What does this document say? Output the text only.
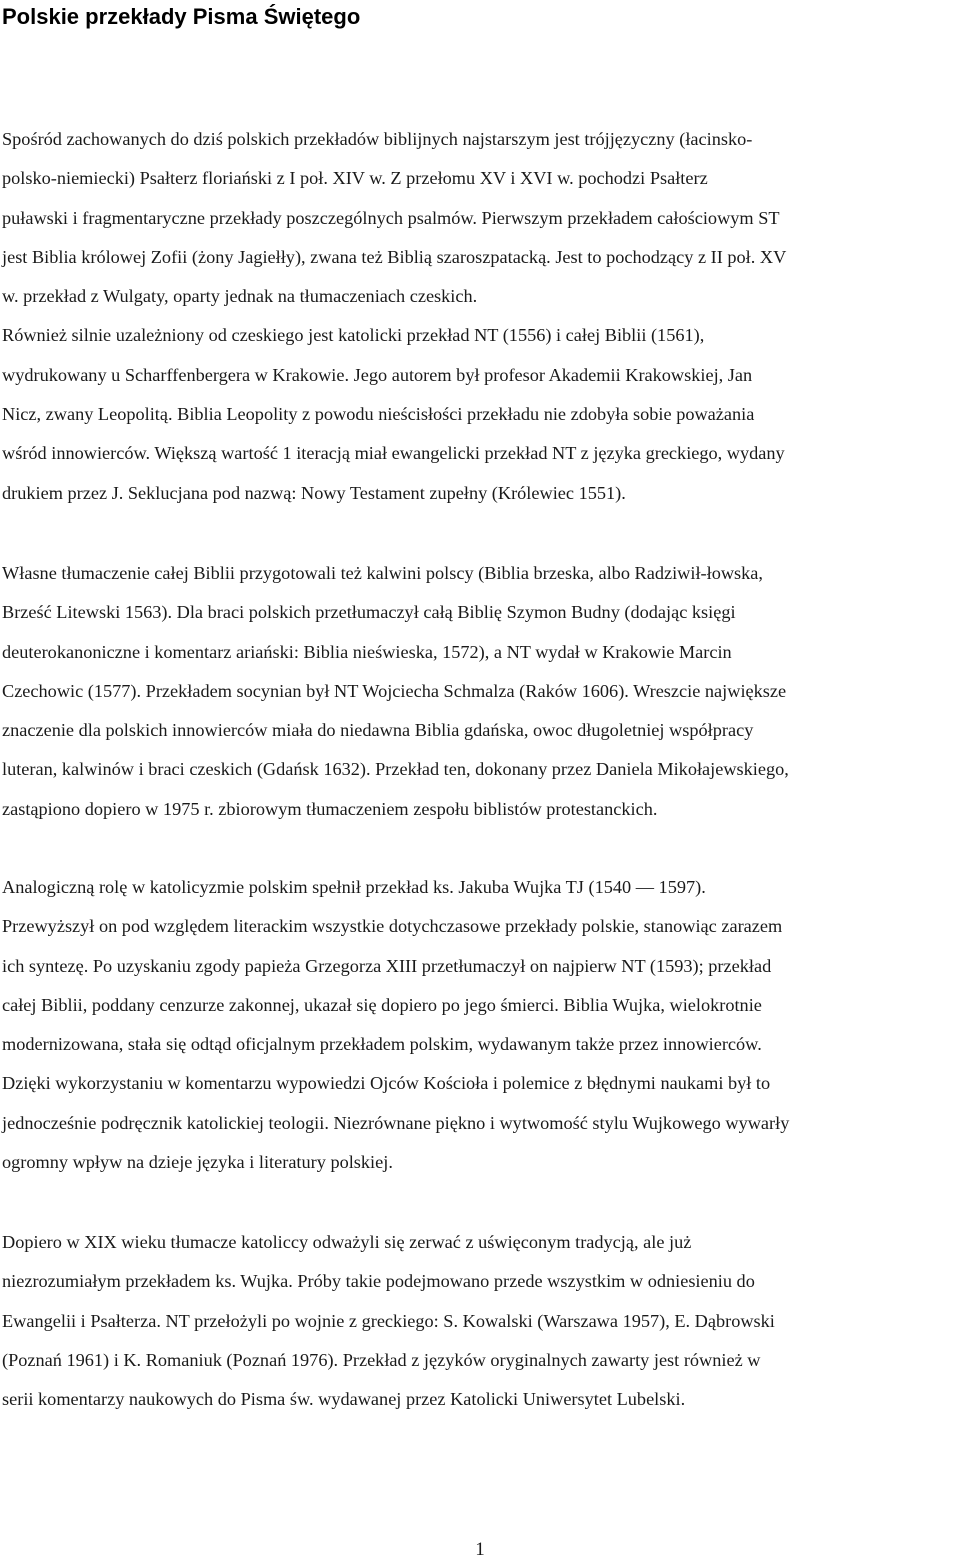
Polskie przekłady Pisma Świętego
Spośród zachowanych do dziś polskich przekładów biblijnych najstarszym jest trójjęzyczny (łacinsko-
polsko-niemiecki) Psałterz floriański z I poł. XIV w. Z przełomu XV i XVI w. pochodzi Psałterz
puławski i fragmentaryczne przekłady poszczególnych psalmów. Pierwszym przekładem całościowym ST
jest Biblia królowej Zofii (żony Jagiełły), zwana też Biblią szaroszpatacką. Jest to pochodzący z II poł. XV
w. przekład z Wulgaty, oparty jednak na tłumaczeniach czeskich.
Również silnie uzależniony od czeskiego jest katolicki przekład NT (1556) i całej Biblii (1561),
wydrukowany u Scharffenbergera w Krakowie. Jego autorem był profesor Akademii Krakowskiej, Jan
Nicz, zwany Leopolitą. Biblia Leopolity z powodu nieścisłości przekładu nie zdobyła sobie poważania
wśród innowierców. Większą wartość 1 iteracją miał ewangelicki przekład NT z języka greckiego, wydany
drukiem przez J. Seklucjana pod nazwą: Nowy Testament zupełny (Królewiec 1551).
Własne tłumaczenie całej Biblii przygotowali też kalwini polscy (Biblia brzeska, albo Radziwił-łowska,
Brześć Litewski 1563). Dla braci polskich przetłumaczył całą Biblię Szymon Budny (dodając księgi
deuterokanoniczne i komentarz ariański: Biblia nieświeska, 1572), a NT wydał w Krakowie Marcin
Czechowic (1577). Przekładem socynian był NT Wojciecha Schmalza (Raków 1606). Wreszcie największe
znaczenie dla polskich innowierców miała do niedawna Biblia gdańska, owoc długoletniej współpracy
luteran, kalwinów i braci czeskich (Gdańsk 1632). Przekład ten, dokonany przez Daniela Mikołajewskiego,
zastąpiono dopiero w 1975 r. zbiorowym tłumaczeniem zespołu biblistów protestanckich.
Analogiczną rolę w katolicyzmie polskim spełnił przekład ks. Jakuba Wujka TJ (1540 — 1597).
Przewyższył on pod względem literackim wszystkie dotychczasowe przekłady polskie, stanowiąc zarazem
ich syntezę. Po uzyskaniu zgody papieża Grzegorza XIII przetłumaczył on najpierw NT (1593); przekład
całej Biblii, poddany cenzurze zakonnej, ukazał się dopiero po jego śmierci. Biblia Wujka, wielokrotnie
modernizowana, stała się odtąd oficjalnym przekładem polskim, wydawanym także przez innowierców.
Dzięki wykorzystaniu w komentarzu wypowiedzi Ojców Kościoła i polemice z błędnymi naukami był to
jednocześnie podręcznik katolickiej teologii. Niezrównane piękno i wytwomość stylu Wujkowego wywarły
ogromny wpływ na dzieje języka i literatury polskiej.
Dopiero w XIX wieku tłumacze katoliccy odważyli się zerwać z uświęconym tradycją, ale już
niezrozumiałym przekładem ks. Wujka. Próby takie podejmowano przede wszystkim w odniesieniu do
Ewangelii i Psałterza. NT przełożyli po wojnie z greckiego: S. Kowalski (Warszawa 1957), E. Dąbrowski
(Poznań 1961) i K. Romaniuk (Poznań 1976). Przekład z języków oryginalnych zawarty jest również w
serii komentarzy naukowych do Pisma św. wydawanej przez Katolicki Uniwersytet Lubelski.

1
